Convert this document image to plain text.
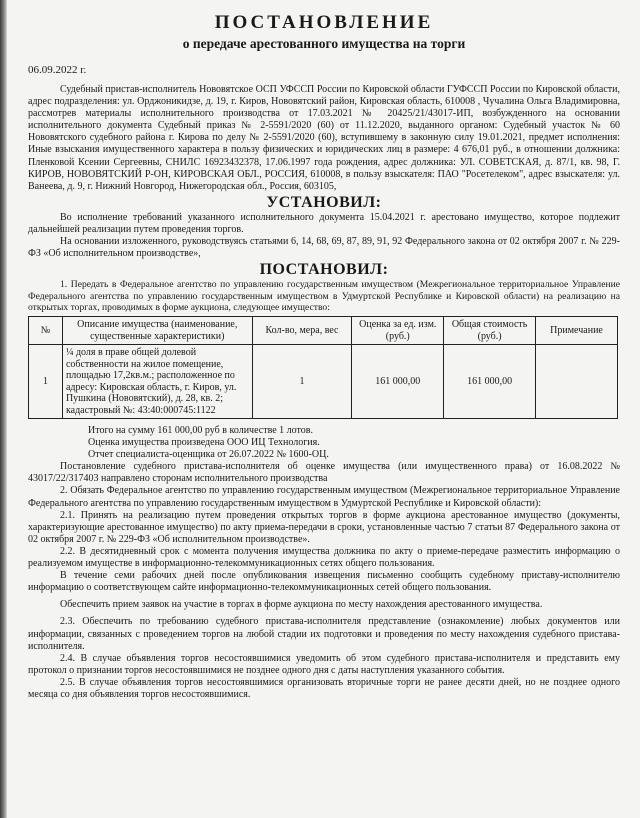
ПОСТАНОВЛЕНИЕ
о передаче арестованного имущества на торги
06.09.2022 г.

Судебный пристав-исполнитель Нововятское ОСП УФССП России по Кировской области ГУФССП России по Кировской области, адрес подразделения: ул. Орджоникидзе, д. 19, г. Киров, Нововятский район, Кировская область, 610008 , Чучалина Ольга Владимировна, рассмотрев материалы исполнительного производства от 17.03.2021 № 20425/21/43017-ИП, возбужденного на основании исполнительного документа Судебный приказ № 2-5591/2020 (60) от 11.12.2020, выданного органом: Судебный участок № 60 Нововятского судебного района г. Кирова по делу № 2-5591/2020 (60), вступившему в законную силу 19.01.2021, предмет исполнения: Иные взыскания имущественного характера в пользу физических и юридических лиц в размере: 4 676,01 руб., в отношении должника: Пленковой Ксении Сергеевны, СНИЛС 16923432378, 17.06.1997 года рождения, адрес должника: УЛ. СОВЕТСКАЯ, д. 87/1, кв. 98, Г. КИРОВ, НОВОВЯТСКИЙ Р-ОН, КИРОВСКАЯ ОБЛ., РОССИЯ, 610008, в пользу взыскателя: ПАО "Росетелеком", адрес взыскателя: ул. Ванеева, д. 9, г. Нижний Новгород, Нижегородская обл., Россия, 603105,

УСТАНОВИЛ:

Во исполнение требований указанного исполнительного документа 15.04.2021 г. арестовано имущество, которое подлежит дальнейшей реализации путем проведения торгов.

На основании изложенного, руководствуясь статьями 6, 14, 68, 69, 87, 89, 91, 92 Федерального закона от 02 октября 2007 г. № 229-ФЗ «Об исполнительном производстве»,

ПОСТАНОВИЛ:

1. Передать в Федеральное агентство по управлению государственным имуществом (Межрегиональное территориальное Управление Федерального агентства по управлению государственным имуществом в Удмуртской Республике и Кировской области) на реализацию на открытых торгах, проводимых в форме аукциона, следующее имущество:

№	Описание имущества (наименование, существенные характеристики)	Кол-во, мера, вес	Оценка за ед. изм. (руб.)	Общая стоимость (руб.)	Примечание
1	¼ доля в праве общей долевой собственности на жилое помещение, площадью 17,2кв.м.; расположенное по адресу: Кировская область, г. Киров, ул. Пушкина (Нововятский), д. 28, кв. 2; кадастровый №: 43:40:000745:1122	1	161 000,00	161 000,00	

Итого на сумму 161 000,00 руб в количестве 1 лотов.

Оценка имущества произведена ООО ИЦ Технология.

Отчет специалиста-оценщика от 26.07.2022 № 1600-ОЦ.

Постановление судебного пристава-исполнителя об оценке имущества (или имущественного права) от 16.08.2022 № 43017/22/317403 направлено сторонам исполнительного производства

2. Обязать Федеральное агентство по управлению государственным имуществом (Межрегиональное территориальное Управление Федерального агентства по управлению государственным имуществом в Удмуртской Республике и Кировской области):

2.1. Принять на реализацию путем проведения открытых торгов в форме аукциона арестованное имущество (документы, характеризующие арестованное имущество) по акту приема-передачи в сроки, установленные частью 7 статьи 87 Федерального закона от 02 октября 2007 г. № 229-ФЗ «Об исполнительном производстве».

2.2. В десятидневный срок с момента получения имущества должника по акту о приеме-передаче разместить информацию о реализуемом имуществе в информационно-телекоммуникационных сетях общего пользования.

В течение семи рабочих дней после опубликования извещения письменно сообщить судебному приставу-исполнителю информацию о соответствующем сайте информационно-телекоммуникационных сетей общего пользования.

Обеспечить прием заявок на участие в торгах в форме аукциона по месту нахождения арестованного имущества.

2.3. Обеспечить по требованию судебного пристава-исполнителя представление (ознакомление) любых документов или информации, связанных с проведением торгов на любой стадии их подготовки и проведения по месту нахождения судебного пристава-исполнителя.

2.4. В случае объявления торгов несостоявшимися уведомить об этом судебного пристава-исполнителя и представить ему протокол о признании торгов несостоявшимися не позднее одного дня с даты наступления указанного события.

2.5. В случае объявления торгов несостоявшимися организовать вторичные торги не ранее десяти дней, но не позднее одного месяца со дня объявления торгов несостоявшимися.
